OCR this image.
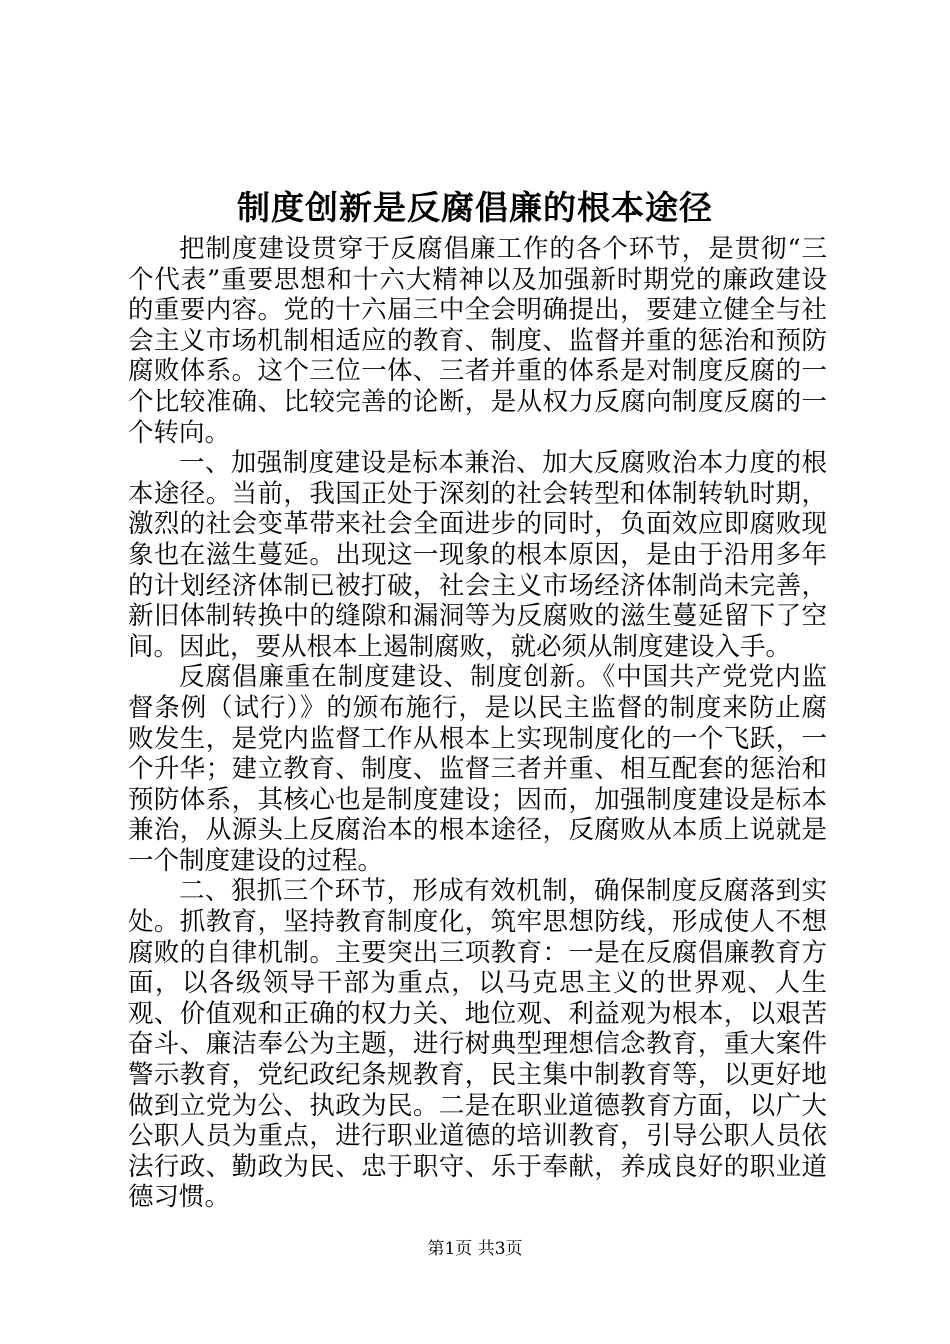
制度创新是反腐倡廉的根本途径

把制度建设贯穿于反腐倡廉工作的各个环节，是贯彻“三个代表”重要思想和十六大精神以及加强新时期党的廉政建设的重要内容。党的十六届三中全会明确提出，要建立健全与社会主义市场机制相适应的教育、制度、监督并重的惩治和预防腐败体系。这个三位一体、三者并重的体系是对制度反腐的一个比较准确、比较完善的论断，是从权力反腐向制度反腐的一个转向。

一、加强制度建设是标本兼治、加大反腐败治本力度的根本途径。当前，我国正处于深刻的社会转型和体制转轨时期，激烈的社会变革带来社会全面进步的同时，负面效应即腐败现象也在滋生蔓延。出现这一现象的根本原因，是由于沿用多年的计划经济体制已被打破，社会主义市场经济体制尚未完善，新旧体制转换中的缝隙和漏洞等为反腐败的滋生蔓延留下了空间。因此，要从根本上遏制腐败，就必须从制度建设入手。

反腐倡廉重在制度建设、制度创新。《中国共产党党内监督条例（试行）》的颁布施行，是以民主监督的制度来防止腐败发生，是党内监督工作从根本上实现制度化的一个飞跃，一个升华；建立教育、制度、监督三者并重、相互配套的惩治和预防体系，其核心也是制度建设；因而，加强制度建设是标本兼治，从源头上反腐治本的根本途径，反腐败从本质上说就是一个制度建设的过程。

二、狠抓三个环节，形成有效机制，确保制度反腐落到实处。抓教育，坚持教育制度化，筑牢思想防线，形成使人不想腐败的自律机制。主要突出三项教育：一是在反腐倡廉教育方面，以各级领导干部为重点，以马克思主义的世界观、人生观、价值观和正确的权力关、地位观、利益观为根本，以艰苦奋斗、廉洁奉公为主题，进行树典型理想信念教育，重大案件警示教育，党纪政纪条规教育，民主集中制教育等，以更好地做到立党为公、执政为民。二是在职业道德教育方面，以广大公职人员为重点，进行职业道德的培训教育，引导公职人员依法行政、勤政为民、忠于职守、乐于奉献，养成良好的职业道德习惯。

第1页 共3页
